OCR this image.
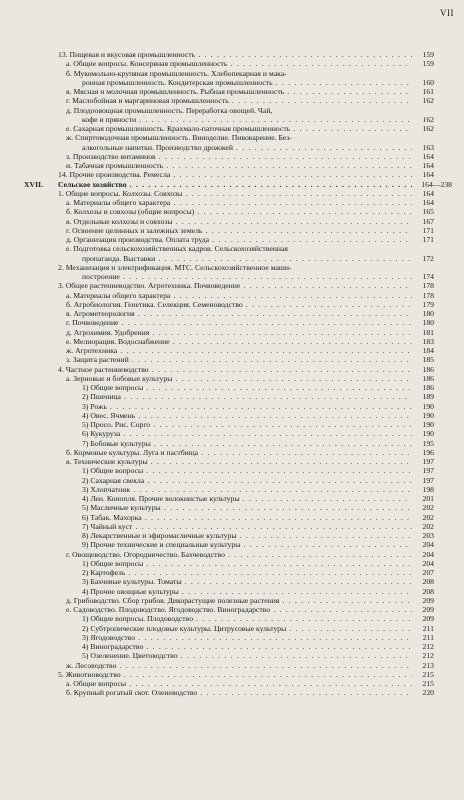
VII
13. Пищевая и вкусовая промышленность . . .	159
а. Общие вопросы. Консервная промышленность . . .	159
б. Мукомольно-крупяная промышленность. Хлебопекарная и мака-
ронная промышленность. Кондитерская промышленность . . .	160
в. Мясная и молочная промышленность. Рыбная промышленность . . .	161
г. Маслобойная и маргариновая промышленность . . .	162
д. Плодоовощная промышленность. Переработка овощей. Чай,
кофе и пряности . . .	162
е. Сахарная промышленность. Крахмало-паточная промышленность . . .	162
ж. Спиртоводочная промышленность. Виноделие. Пивоварение. Без-
алкогольные напитки. Производство дрожжей . . .	163
з. Производство витаминов . . .	164
и. Табачная промышленность . . .	164
14. Прочие производства. Ремесла . . .	164
XVII. Сельское хозяйство . . .	164—238
1. Общие вопросы. Колхозы. Совхозы . . .	164
а. Материалы общего характера . . .	164
б. Колхозы и совхозы (общие вопросы) . . .	165
в. Отдельные колхозы и совхозы . . .	167
г. Освоение целинных и залежных земель . . .	171
д. Организация производства. Оплата труда . . .	171
е. Подготовка сельскохозяйственных кадров. Сельскохозяйственная
пропаганда. Выставки . . .	172
2. Механизация и электрификация. МТС. Сельскохозяйственное маши-
построение . . .	174
3. Общее растениеводство. Агротехника. Почвоведение . . .	178
а. Материалы общего характера . . .	178
б. Агробиология. Генетика. Селекция. Семеноводство . . .	179
в. Агрометеорология . . .	180
г. Почвоведение . . .	180
д. Агрохимия. Удобрения . . .	181
е. Мелиорация. Водоснабжение . . .	183
ж. Агротехника . . .	184
з. Защита растений . . .	185
4. Частное растениеводство . . .	186
а. Зерновые и бобовые культуры . . .	186
1) Общие вопросы . . .	186
2) Пшеница . . .	189
3) Рожь . . .	190
4) Овес. Ячмень . . .	190
5) Просо. Рис. Сорго . . .	190
6) Кукуруза . . .	190
7) Бобовые культуры . . .	195
б. Кормовые культуры. Луга и пастбища . . .	196
в. Технические культуры . . .	197
1) Общие вопросы . . .	197
2) Сахарная свекла . . .	197
3) Хлопчатник . . .	198
4) Лен. Конопля. Прочие волокнистые культуры . . .	201
5) Масличные культуры . . .	202
6) Табак. Махорка . . .	202
7) Чайный куст . . .	202
8) Лекарственные и эфиромасличные культуры . . .	203
9) Прочие технические и специальные культуры . . .	204
г. Овощеводство. Огородничество. Бахчеводство . . .	204
1) Общие вопросы . . .	204
2) Картофель . . .	207
3) Бахчевые культуры. Томаты . . .	208
4) Прочие овощные культуры . . .	208
д. Грибоводство. Сбор грибов. Дикорастущие полезные растения . . .	209
е. Садоводство. Плодоводство. Ягодоводство. Виноградарство . . .	209
1) Общие вопросы. Плодоводство . . .	209
2) Субтропические плодовые культуры. Цитрусовые культуры . . .	211
3) Ягодоводство . . .	211
4) Виноградарство . . .	212
5) Озеленение. Цветоводство . . .	212
ж. Лесоводство . . .	213
5. Животноводство . . .	215
а. Общие вопросы . . .	215
б. Крупный рогатый скот. Оленеводство . . .	220
